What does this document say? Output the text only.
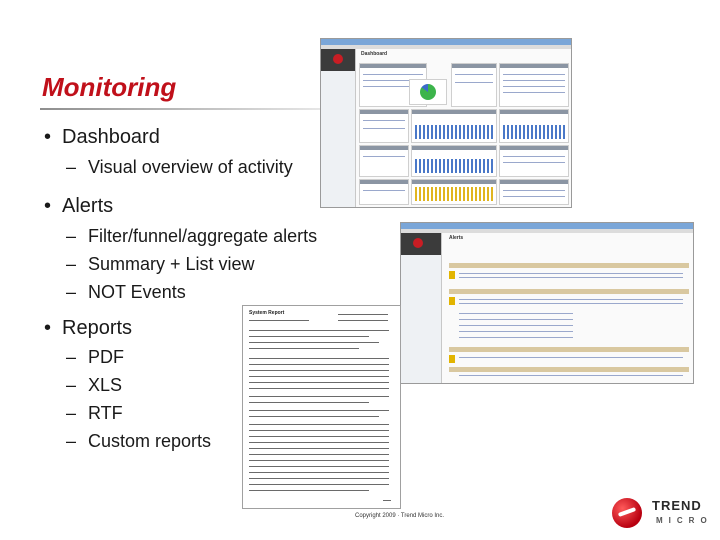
Monitoring
• Dashboard
– Visual overview of activity
• Alerts
– Filter/funnel/aggregate alerts
– Summary + List view
– NOT Events
• Reports
– PDF
– XLS
– RTF
– Custom reports
Dashboard
Alerts
System Report
Copyright 2009 · Trend Micro Inc.
TREND
MICRO
